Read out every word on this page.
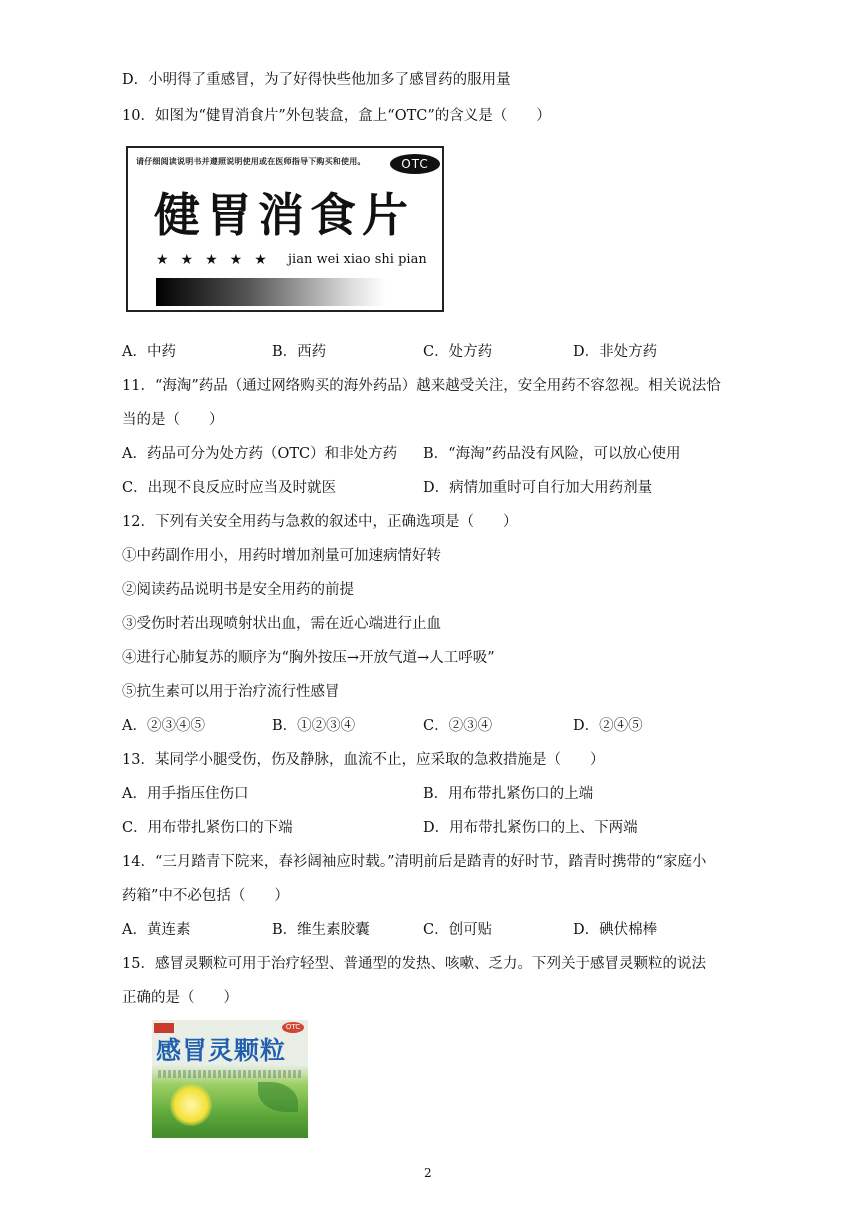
D．小明得了重感冒，为了好得快些他加多了感冒药的服用量
10．如图为“健胃消食片”外包装盒，盒上“OTC”的含义是（　　）
请仔细阅读说明书并遵照说明使用或在医师指导下购买和使用。	OTC
健胃消食片
★★★★★ jian wei xiao shi pian
A．中药	B．西药	C．处方药	D．非处方药
11．“海淘”药品（通过网络购买的海外药品）越来越受关注，安全用药不容忽视。相关说法恰
当的是（　　）
A．药品可分为处方药（OTC）和非处方药 B．“海淘”药品没有风险，可以放心使用
C．出现不良反应时应当及时就医	D．病情加重时可自行加大用药剂量
12．下列有关安全用药与急救的叙述中，正确选项是（　　）
①中药副作用小，用药时增加剂量可加速病情好转
②阅读药品说明书是安全用药的前提
③受伤时若出现喷射状出血，需在近心端进行止血
④进行心肺复苏的顺序为“胸外按压→开放气道→人工呼吸”
⑤抗生素可以用于治疗流行性感冒
A．②③④⑤	B．①②③④	C．②③④	D．②④⑤
13．某同学小腿受伤，伤及静脉，血流不止，应采取的急救措施是（　　）
A．用手指压住伤口	B．用布带扎紧伤口的上端
C．用布带扎紧伤口的下端	D．用布带扎紧伤口的上、下两端
14．“三月踏青下院来，春衫阔袖应时载。”清明前后是踏青的好时节，踏青时携带的“家庭小
药箱”中不必包括（　　）
A．黄连素	B．维生素胶囊	C．创可贴	D．碘伏棉棒
15．感冒灵颗粒可用于治疗轻型、普通型的发热、咳嗽、乏力。下列关于感冒灵颗粒的说法
正确的是（　　）
OTC
感冒灵颗粒
2
